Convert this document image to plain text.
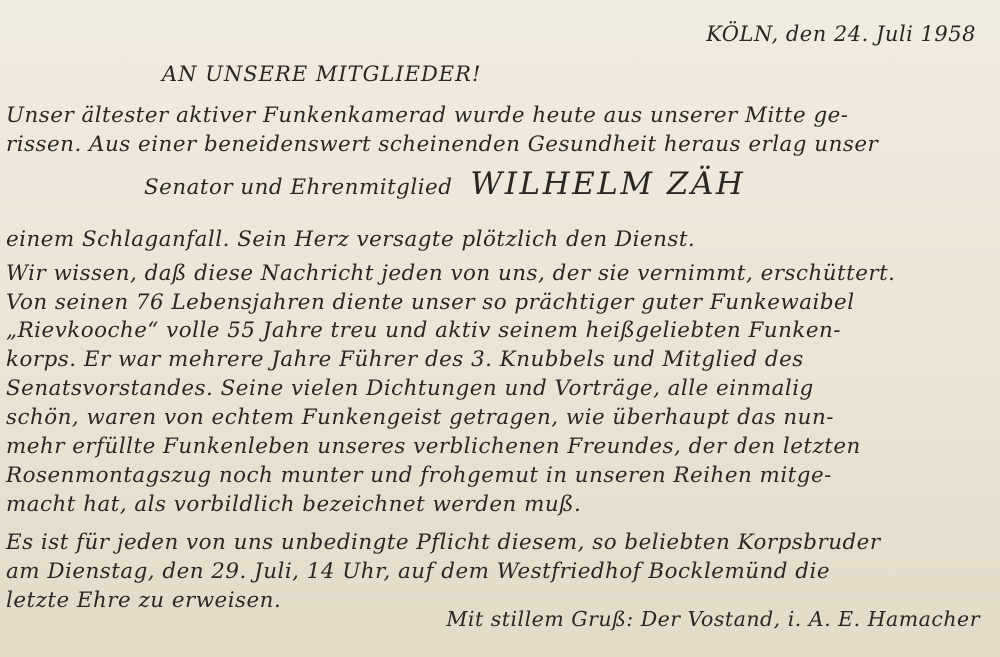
KÖLN, den 24. Juli 1958
AN UNSERE MITGLIEDER!
Unser ältester aktiver Funkenkamerad wurde heute aus unserer Mitte ge-
rissen. Aus einer beneidenswert scheinenden Gesundheit heraus erlag unser
Senator und Ehrenmitglied WILHELM ZÄH
einem Schlaganfall. Sein Herz versagte plötzlich den Dienst.
Wir wissen, daß diese Nachricht jeden von uns, der sie vernimmt, erschüttert.
Von seinen 76 Lebensjahren diente unser so prächtiger guter Funkewaibel
„Rievkooche“ volle 55 Jahre treu und aktiv seinem heißgeliebten Funken-
korps. Er war mehrere Jahre Führer des 3. Knubbels und Mitglied des
Senatsvorstandes. Seine vielen Dichtungen und Vorträge, alle einmalig
schön, waren von echtem Funkengeist getragen, wie überhaupt das nun-
mehr erfüllte Funkenleben unseres verblichenen Freundes, der den letzten
Rosenmontagszug noch munter und frohgemut in unseren Reihen mitge-
macht hat, als vorbildlich bezeichnet werden muß.
Es ist für jeden von uns unbedingte Pflicht diesem, so beliebten Korpsbruder
am Dienstag, den 29. Juli, 14 Uhr, auf dem Westfriedhof Bocklemünd die
letzte Ehre zu erweisen.
Mit stillem Gruß: Der Vostand, i. A. E. Hamacher
